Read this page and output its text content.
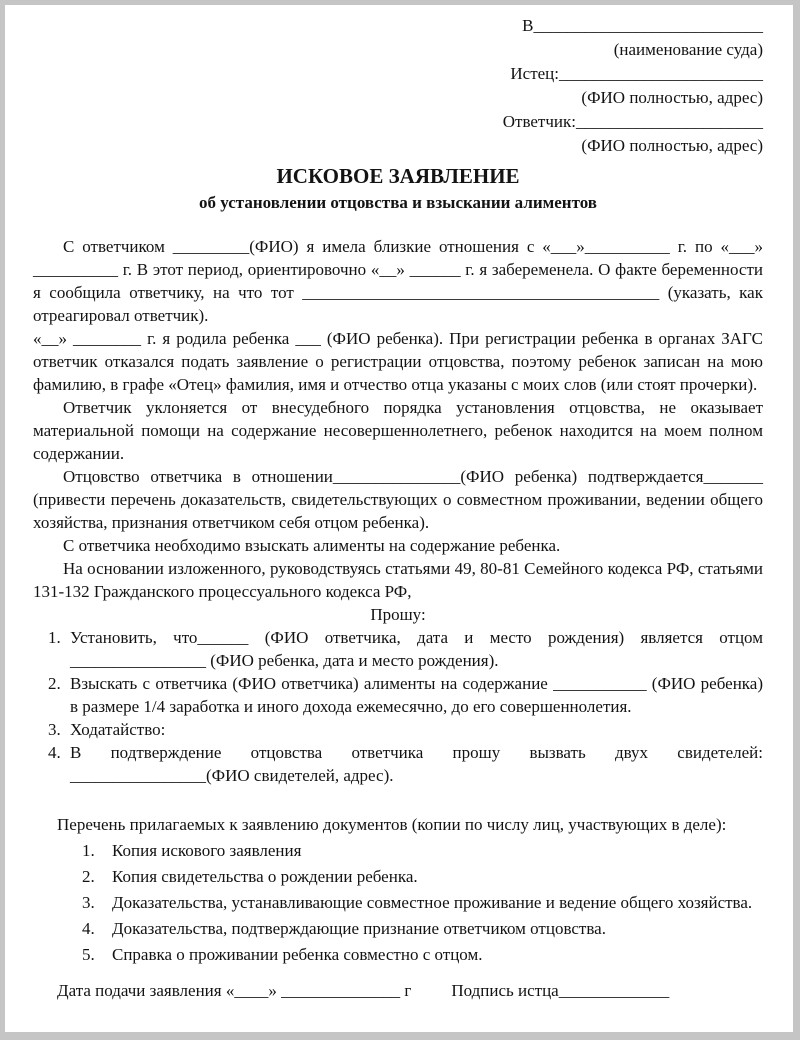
В___________________________
(наименование суда)
Истец:________________________
(ФИО полностью, адрес)
Ответчик:______________________
(ФИО полностью, адрес)
ИСКОВОЕ ЗАЯВЛЕНИЕ
об установлении отцовства и взыскании алиментов

С ответчиком _________(ФИО) я имела близкие отношения с «___»__________ г. по «___» __________ г. В этот период, ориентировочно «__» ______ г. я забеременела. О факте беременности я сообщила ответчику, на что тот __________________________________________ (указать, как отреагировал ответчик).

«__» ________ г. я родила ребенка ___ (ФИО ребенка). При регистрации ребенка в органах ЗАГС ответчик отказался подать заявление о регистрации отцовства, поэтому ребенок записан на мою фамилию, в графе «Отец» фамилия, имя и отчество отца указаны с моих слов (или стоят прочерки).

Ответчик уклоняется от внесудебного порядка установления отцовства, не оказывает материальной помощи на содержание несовершеннолетнего, ребенок находится на моем полном содержании.

Отцовство ответчика в отношении_______________(ФИО ребенка) подтверждается_______ (привести перечень доказательств, свидетельствующих о совместном проживании, ведении общего хозяйства, признания ответчиком себя отцом ребенка).

С ответчика необходимо взыскать алименты на содержание ребенка.

На основании изложенного, руководствуясь статьями 49, 80-81 Семейного кодекса РФ, статьями 131-132 Гражданского процессуального кодекса РФ,

Прошу:

Установить, что______ (ФИО ответчика, дата и место рождения) является отцом ________________ (ФИО ребенка, дата и место рождения).
Взыскать с ответчика (ФИО ответчика) алименты на содержание ___________ (ФИО ребенка) в размере 1/4 заработка и иного дохода ежемесячно, до его совершеннолетия.
Ходатайство:
В подтверждение отцовства ответчика прошу вызвать двух свидетелей: ________________(ФИО свидетелей, адрес).

Перечень прилагаемых к заявлению документов (копии по числу лиц, участвующих в деле):

Копия искового заявления
Копия свидетельства о рождении ребенка.
Доказательства, устанавливающие совместное проживание и ведение общего хозяйства.
Доказательства, подтверждающие признание ответчиком отцовства.
Справка о проживании ребенка совместно с отцом.
Дата подачи заявления «____» ______________ г Подпись истца_____________
